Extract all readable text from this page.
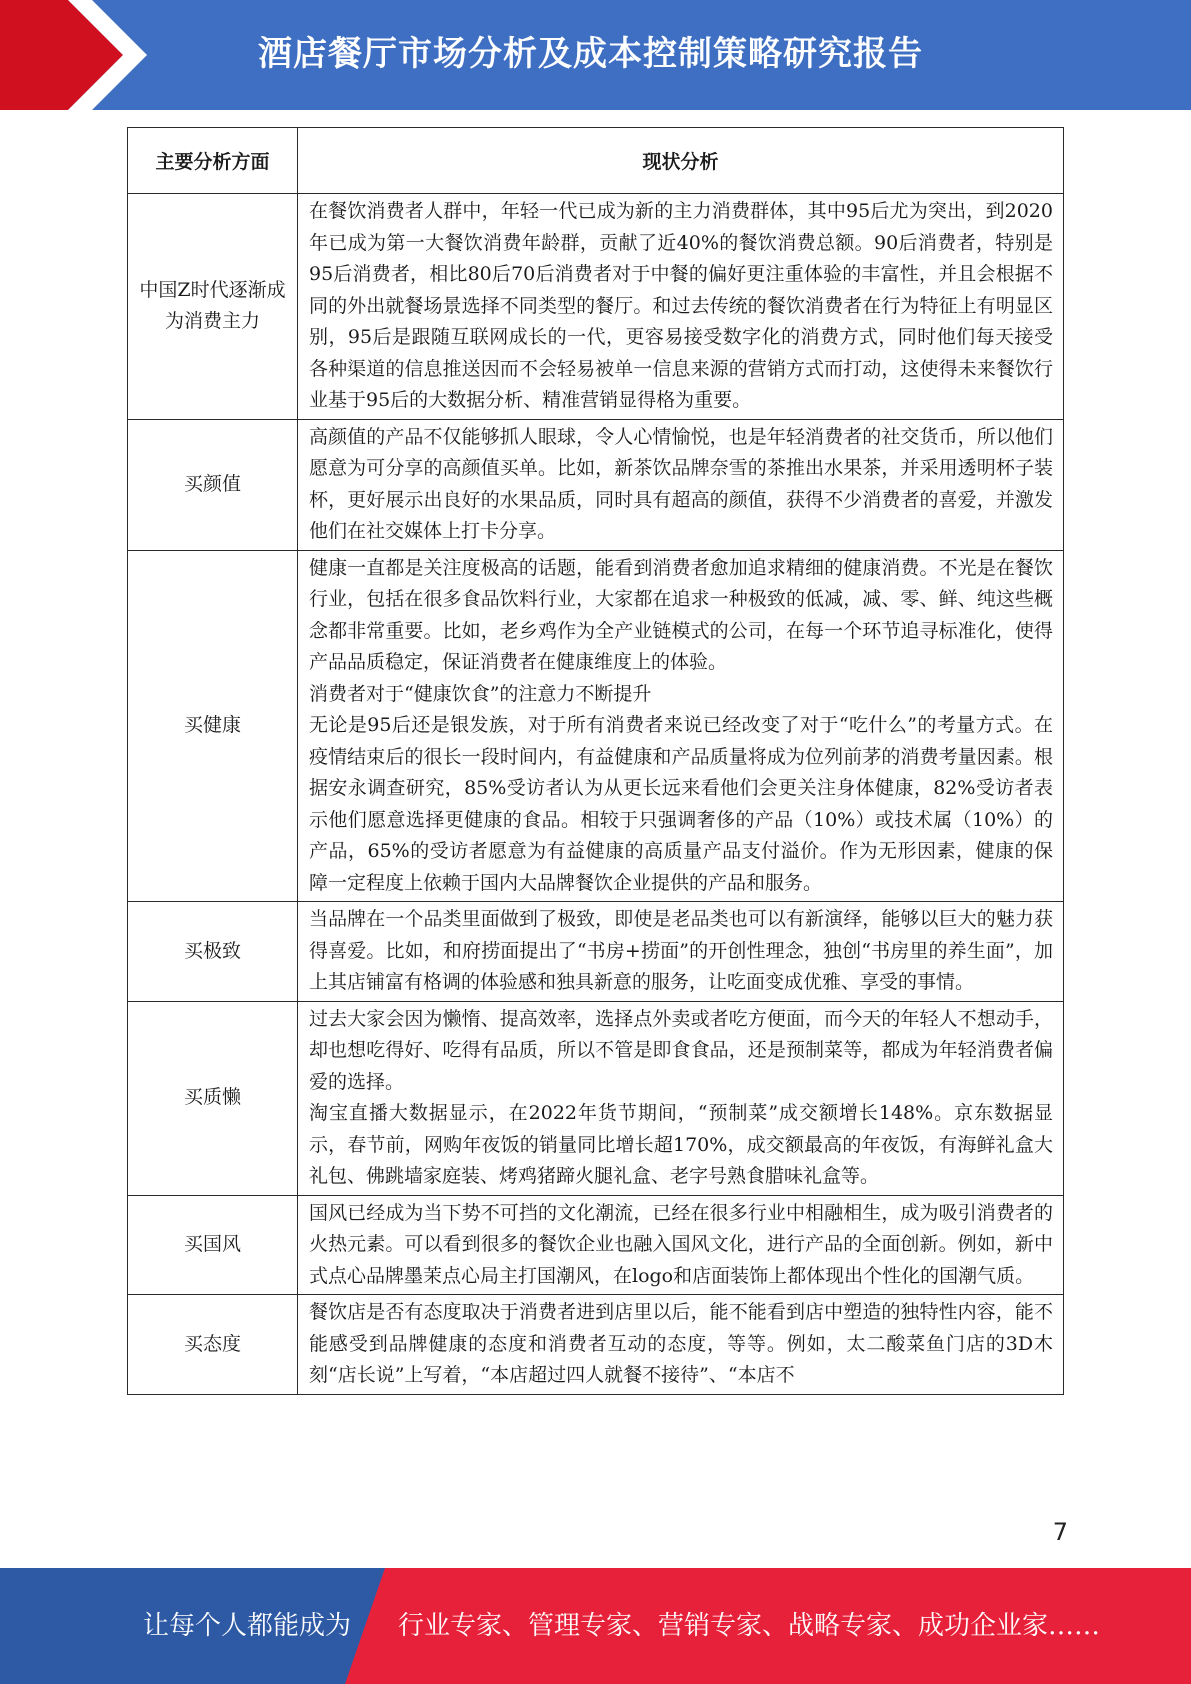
酒店餐厅市场分析及成本控制策略研究报告
主要分析方面	现状分析
中国Z时代逐渐成为消费主力	在餐饮消费者人群中，年轻一代已成为新的主力消费群体，其中95后尤为突出，到2020年已成为第一大餐饮消费年龄群，贡献了近40%的餐饮消费总额。90后消费者，特别是95后消费者，相比80后70后消费者对于中餐的偏好更注重体验的丰富性，并且会根据不同的外出就餐场景选择不同类型的餐厅。和过去传统的餐饮消费者在行为特征上有明显区别，95后是跟随互联网成长的一代，更容易接受数字化的消费方式，同时他们每天接受各种渠道的信息推送因而不会轻易被单一信息来源的营销方式而打动，这使得未来餐饮行业基于95后的大数据分析、精准营销显得格为重要。

买颜值	高颜值的产品不仅能够抓人眼球，令人心情愉悦，也是年轻消费者的社交货币，所以他们愿意为可分享的高颜值买单。比如，新茶饮品牌奈雪的茶推出水果茶，并采用透明杯子装杯，更好展示出良好的水果品质，同时具有超高的颜值，获得不少消费者的喜爱，并激发他们在社交媒体上打卡分享。

买健康	健康一直都是关注度极高的话题，能看到消费者愈加追求精细的健康消费。不光是在餐饮行业，包括在很多食品饮料行业，大家都在追求一种极致的低减，减、零、鲜、纯这些概念都非常重要。比如，老乡鸡作为全产业链模式的公司，在每一个环节追寻标准化，使得产品品质稳定，保证消费者在健康维度上的体验。

消费者对于“健康饮食”的注意力不断提升

无论是95后还是银发族，对于所有消费者来说已经改变了对于“吃什么”的考量方式。在疫情结束后的很长一段时间内，有益健康和产品质量将成为位列前茅的消费考量因素。根据安永调查研究，85%受访者认为从更长远来看他们会更关注身体健康，82%受访者表示他们愿意选择更健康的食品。相较于只强调奢侈的产品（10%）或技术属（10%）的产品，65%的受访者愿意为有益健康的高质量产品支付溢价。作为无形因素，健康的保障一定程度上依赖于国内大品牌餐饮企业提供的产品和服务。

买极致	当品牌在一个品类里面做到了极致，即使是老品类也可以有新演绎，能够以巨大的魅力获得喜爱。比如，和府捞面提出了“书房+捞面”的开创性理念，独创“书房里的养生面”，加上其店铺富有格调的体验感和独具新意的服务，让吃面变成优雅、享受的事情。

买质懒	过去大家会因为懒惰、提高效率，选择点外卖或者吃方便面，而今天的年轻人不想动手，却也想吃得好、吃得有品质，所以不管是即食食品，还是预制菜等，都成为年轻消费者偏爱的选择。

淘宝直播大数据显示，在2022年货节期间，“预制菜”成交额增长148%。京东数据显示，春节前，网购年夜饭的销量同比增长超170%，成交额最高的年夜饭，有海鲜礼盒大礼包、佛跳墙家庭装、烤鸡猪蹄火腿礼盒、老字号熟食腊味礼盒等。

买国风	国风已经成为当下势不可挡的文化潮流，已经在很多行业中相融相生，成为吸引消费者的火热元素。可以看到很多的餐饮企业也融入国风文化，进行产品的全面创新。例如，新中式点心品牌墨茉点心局主打国潮风，在logo和店面装饰上都体现出个性化的国潮气质。

买态度	餐饮店是否有态度取决于消费者进到店里以后，能不能看到店中塑造的独特性内容，能不能感受到品牌健康的态度和消费者互动的态度，等等。例如，太二酸菜鱼门店的3D木刻“店长说”上写着，“本店超过四人就餐不接待”、“本店不

7
让每个人都能成为 行业专家、管理专家、营销专家、战略专家、成功企业家……
